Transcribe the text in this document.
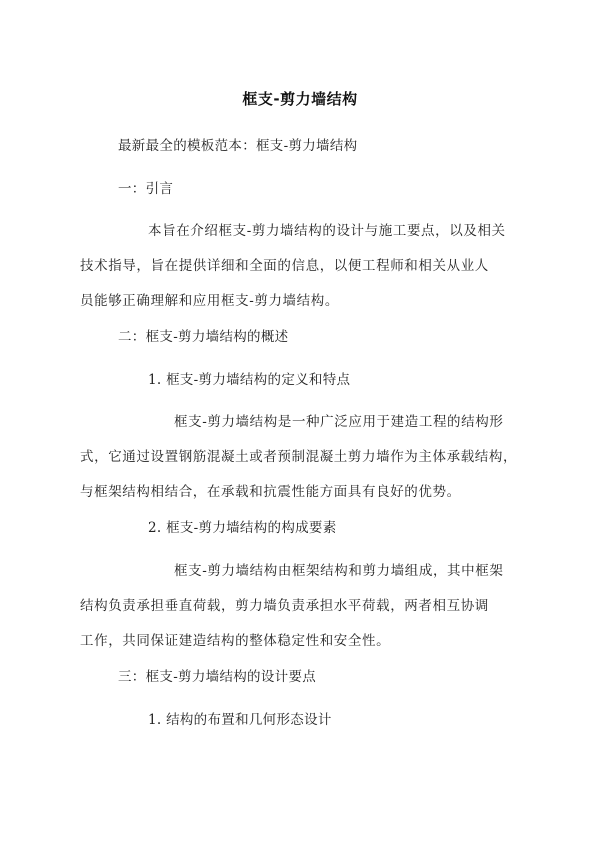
框支-剪力墙结构
最新最全的模板范本：框支-剪力墙结构
一：引言
本旨在介绍框支-剪力墙结构的设计与施工要点，以及相关
技术指导，旨在提供详细和全面的信息，以便工程师和相关从业人
员能够正确理解和应用框支-剪力墙结构。
二：框支-剪力墙结构的概述
1. 框支-剪力墙结构的定义和特点
框支-剪力墙结构是一种广泛应用于建造工程的结构形
式，它通过设置钢筋混凝土或者预制混凝土剪力墙作为主体承载结构，
与框架结构相结合，在承载和抗震性能方面具有良好的优势。
2. 框支-剪力墙结构的构成要素
框支-剪力墙结构由框架结构和剪力墙组成，其中框架
结构负责承担垂直荷载，剪力墙负责承担水平荷载，两者相互协调
工作，共同保证建造结构的整体稳定性和安全性。
三：框支-剪力墙结构的设计要点
1. 结构的布置和几何形态设计
